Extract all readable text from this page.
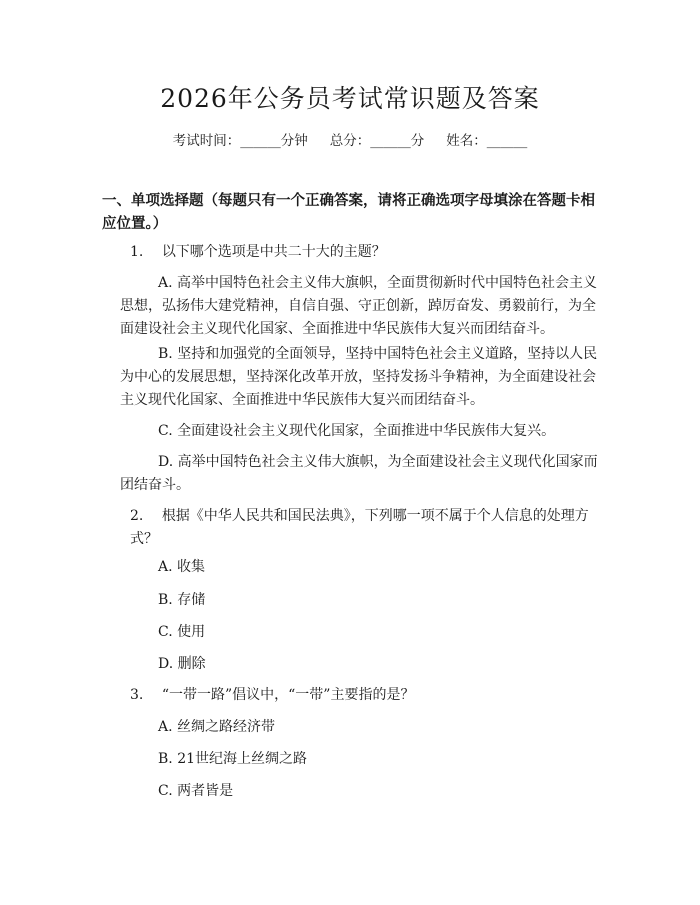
2026年公务员考试常识题及答案
考试时间：______分钟 总分：______分 姓名：______
一、单项选择题（每题只有一个正确答案，请将正确选项字母填涂在答题卡相应位置。）
1. 以下哪个选项是中共二十大的主题？
A. 高举中国特色社会主义伟大旗帜，全面贯彻新时代中国特色社会主义思想，弘扬伟大建党精神，自信自强、守正创新，踔厉奋发、勇毅前行，为全面建设社会主义现代化国家、全面推进中华民族伟大复兴而团结奋斗。
B. 坚持和加强党的全面领导，坚持中国特色社会主义道路，坚持以人民为中心的发展思想，坚持深化改革开放，坚持发扬斗争精神，为全面建设社会主义现代化国家、全面推进中华民族伟大复兴而团结奋斗。
C. 全面建设社会主义现代化国家，全面推进中华民族伟大复兴。
D. 高举中国特色社会主义伟大旗帜，为全面建设社会主义现代化国家而团结奋斗。
2. 根据《中华人民共和国民法典》，下列哪一项不属于个人信息的处理方式？
A. 收集
B. 存储
C. 使用
D. 删除
3. “一带一路”倡议中，“一带”主要指的是？
A. 丝绸之路经济带
B. 21世纪海上丝绸之路
C. 两者皆是
